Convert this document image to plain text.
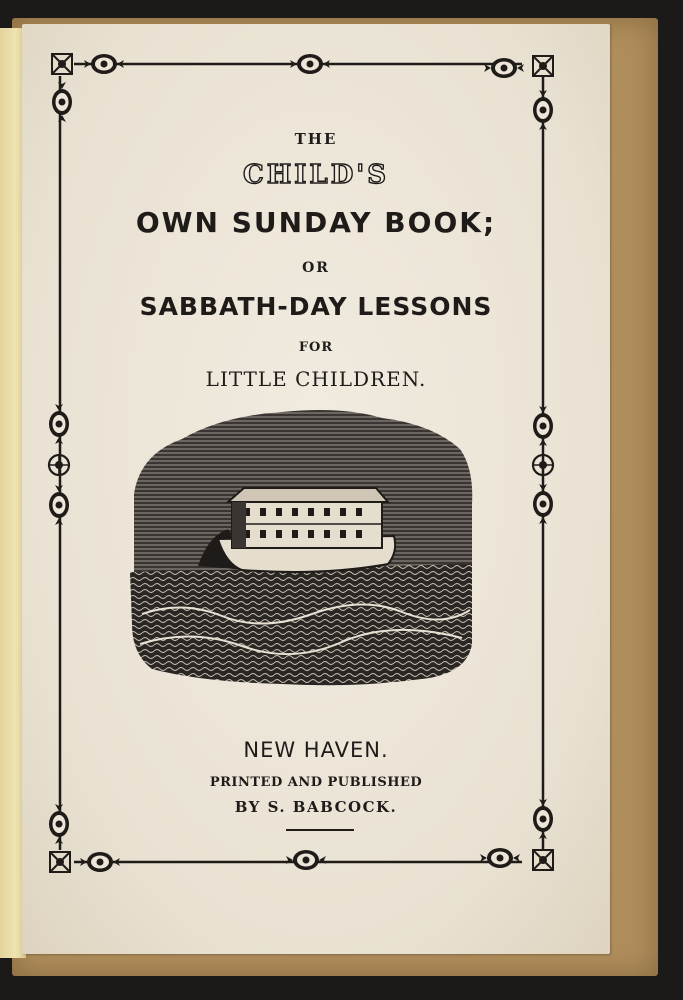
THE
CHILD'S
OWN SUNDAY BOOK;
OR
SABBATH-DAY LESSONS
FOR
LITTLE CHILDREN.
NEW HAVEN.
PRINTED AND PUBLISHED
BY S. BABCOCK.
